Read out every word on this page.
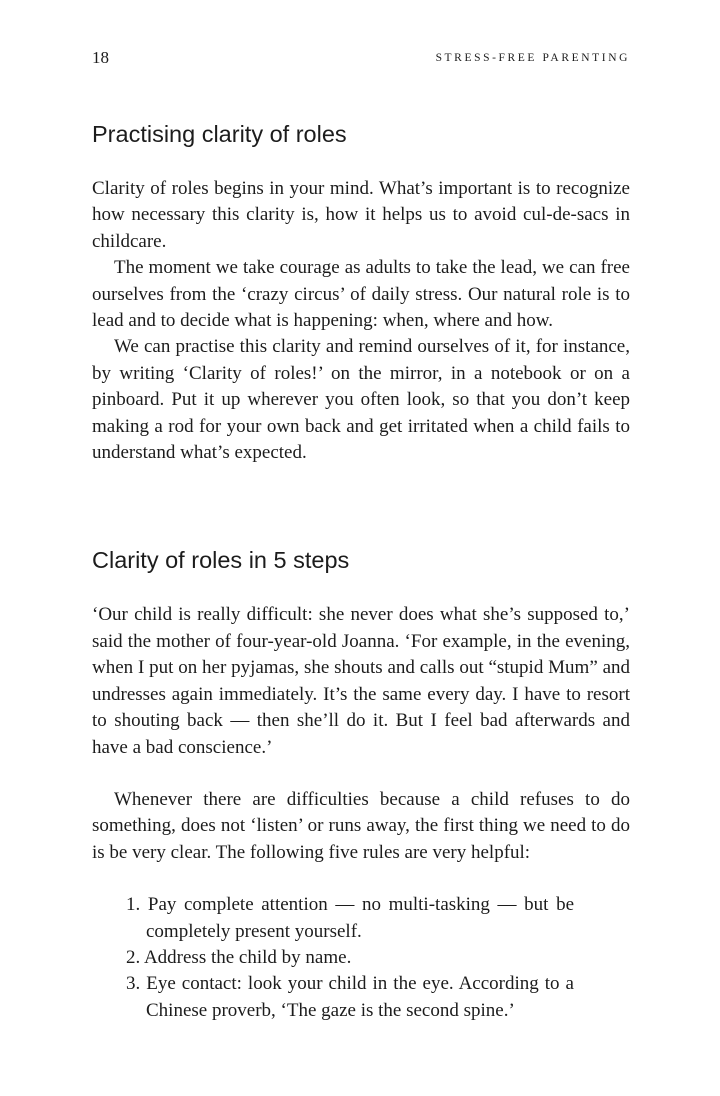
18	STRESS-FREE PARENTING
Practising clarity of roles

Clarity of roles begins in your mind. What’s important is to recognize how necessary this clarity is, how it helps us to avoid cul-de-sacs in childcare.

The moment we take courage as adults to take the lead, we can free ourselves from the ‘crazy circus’ of daily stress. Our natural role is to lead and to decide what is happening: when, where and how.

We can practise this clarity and remind ourselves of it, for instance, by writing ‘Clarity of roles!’ on the mirror, in a notebook or on a pinboard. Put it up wherever you often look, so that you don’t keep making a rod for your own back and get irritated when a child fails to understand what’s expected.

Clarity of roles in 5 steps

‘Our child is really difficult: she never does what she’s supposed to,’ said the mother of four-year-old Joanna. ‘For example, in the evening, when I put on her pyjamas, she shouts and calls out “stupid Mum” and undresses again immediately. It’s the same every day. I have to resort to shouting back — then she’ll do it. But I feel bad afterwards and have a bad conscience.’

Whenever there are difficulties because a child refuses to do something, does not ‘listen’ or runs away, the first thing we need to do is be very clear. The following five rules are very helpful:

1. Pay complete attention — no multi-tasking — but be completely present yourself.
2. Address the child by name.
3. Eye contact: look your child in the eye. According to a Chinese proverb, ‘The gaze is the second spine.’
